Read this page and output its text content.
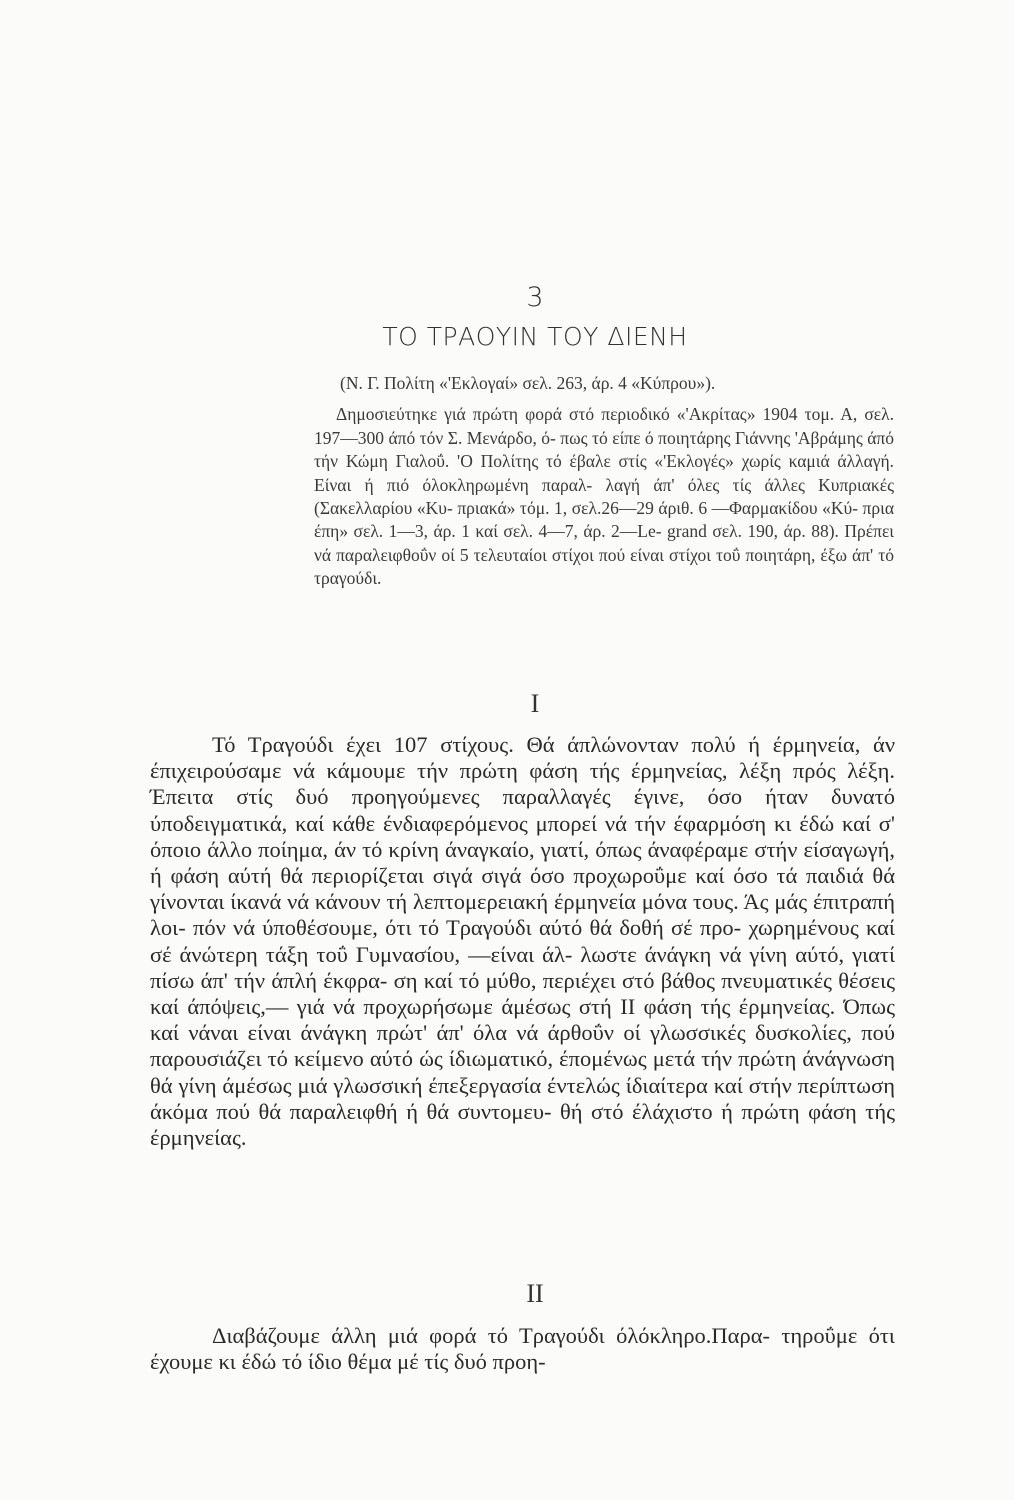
3
ΤΟ ΤΡΑΟΥΙΝ ΤΟΥ ΔΙΕΝΗ

(Ν. Γ. Πολίτη «'Εκλογαί» σελ. 263, άρ. 4 «Κύπρου»).

Δημοσιεύτηκε γιά πρώτη φορά στό περιοδικό «'Ακρίτας» 1904 τομ. Α, σελ. 197—300 άπό τόν Σ. Μενάρδο, ό- πως τό είπε ό ποιητάρης Γιάννης 'Αβράμης άπό τήν Κώμη Γιαλοΰ. 'Ο Πολίτης τό έβαλε στίς «'Εκλογές» χωρίς καμιά άλλαγή. Είναι ή πιό όλοκληρωμένη παραλ- λαγή άπ' όλες τίς άλλες Κυπριακές (Σακελλαρίου «Κυ- πριακά» τόμ. 1, σελ.26—29 άριθ. 6 —Φαρμακίδου «Κύ- πρια έπη» σελ. 1—3, άρ. 1 καί σελ. 4—7, άρ. 2—Le- grand σελ. 190, άρ. 88). Πρέπει νά παραλειφθοΰν οί 5 τελευταίοι στίχοι πού είναι στίχοι τοΰ ποιητάρη, έξω άπ' τό τραγούδι.

I

Τό Τραγούδι έχει 107 στίχους. Θά άπλώνονταν πολύ ή έρμηνεία, άν έπιχειρούσαμε νά κάμουμε τήν πρώτη φάση τής έρμηνείας, λέξη πρός λέξη. Έπειτα στίς δυό προηγούμενες παραλλαγές έγινε, όσο ήταν δυνατό ύποδειγματικά, καί κάθε ένδιαφερόμενος μπορεί νά τήν έφαρμόση κι έδώ καί σ' όποιο άλλο ποίημα, άν τό κρίνη άναγκαίο, γιατί, όπως άναφέραμε στήν είσαγωγή, ή φάση αύτή θά περιορίζεται σιγά σιγά όσο προχωροΰμε καί όσο τά παιδιά θά γίνονται ίκανά νά κάνουν τή λεπτομερειακή έρμηνεία μόνα τους. Άς μάς έπιτραπή λοι- πόν νά ύποθέσουμε, ότι τό Τραγούδι αύτό θά δοθή σέ προ- χωρημένους καί σέ άνώτερη τάξη τοΰ Γυμνασίου, —είναι άλ- λωστε άνάγκη νά γίνη αύτό, γιατί πίσω άπ' τήν άπλή έκφρα- ση καί τό μύθο, περιέχει στό βάθος πνευματικές θέσεις καί άπόψεις,— γιά νά προχωρήσωμε άμέσως στή II φάση τής έρμηνείας. Όπως καί νάναι είναι άνάγκη πρώτ' άπ' όλα νά άρθοΰν οί γλωσσικές δυσκολίες, πού παρουσιάζει τό κείμενο αύτό ώς ίδιωματικό, έπομένως μετά τήν πρώτη άνάγνωση θά γίνη άμέσως μιά γλωσσική έπεξεργασία έντελώς ίδιαίτερα καί στήν περίπτωση άκόμα πού θά παραλειφθή ή θά συντομευ- θή στό έλάχιστο ή πρώτη φάση τής έρμηνείας.

II

Διαβάζουμε άλλη μιά φορά τό Τραγούδι όλόκληρο.Παρα- τηροΰμε ότι έχουμε κι έδώ τό ίδιο θέμα μέ τίς δυό προη-
